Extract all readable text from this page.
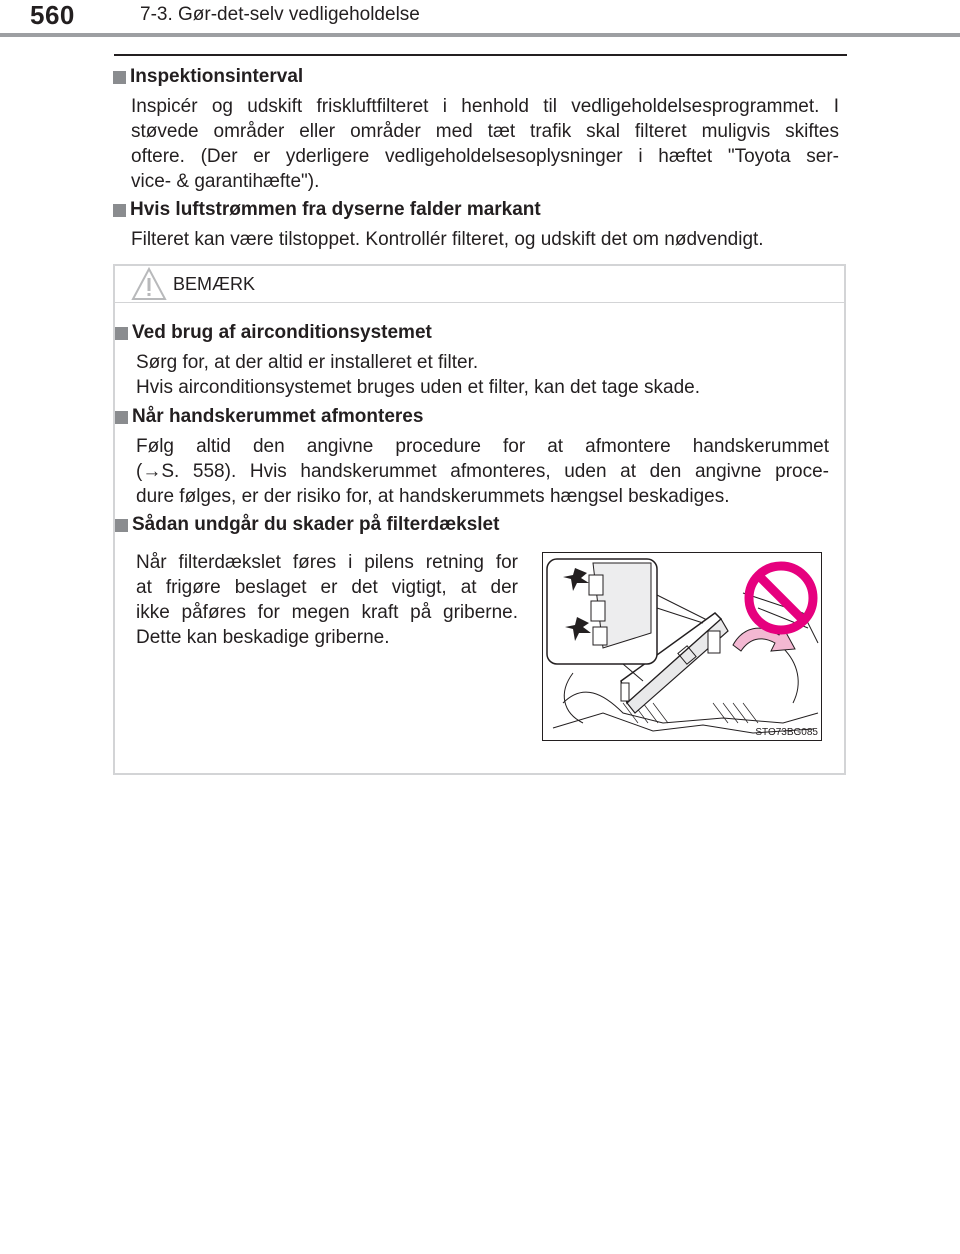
560	7-3. Gør-det-selv vedligeholdelse
Inspektionsinterval
Inspicér og udskift friskluftfilteret i henhold til vedligeholdelsesprogrammet. I
støvede områder eller områder med tæt trafik skal filteret muligvis skiftes
oftere. (Der er yderligere vedligeholdelsesoplysninger i hæftet "Toyota ser-
vice- & garantihæfte").
Hvis luftstrømmen fra dyserne falder markant
Filteret kan være tilstoppet. Kontrollér filteret, og udskift det om nødvendigt.
BEMÆRK
Ved brug af airconditionsystemet
Sørg for, at der altid er installeret et filter.
Hvis airconditionsystemet bruges uden et filter, kan det tage skade.
Når handskerummet afmonteres
Følg altid den angivne procedure for at afmontere handskerummet
(→S. 558). Hvis handskerummet afmonteres, uden at den angivne proce-
dure følges, er der risiko for, at handskerummets hængsel beskadiges.
Sådan undgår du skader på filterdækslet
Når filterdækslet føres i pilens retning for
at frigøre beslaget er det vigtigt, at der
ikke påføres for megen kraft på griberne.
Dette kan beskadige griberne.
STO73BG085
